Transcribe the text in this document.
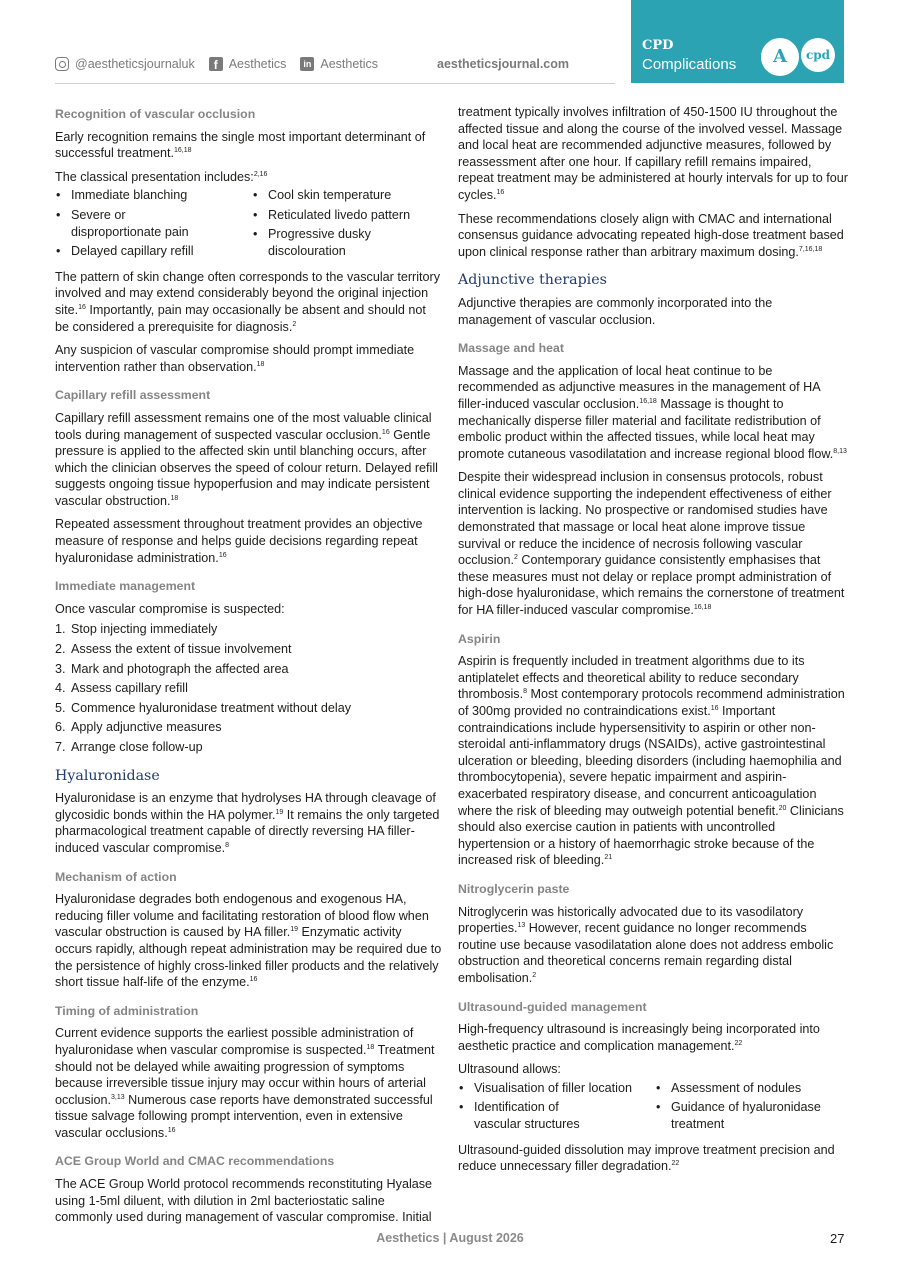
@aestheticsjournaluk	f Aesthetics	in Aesthetics	aestheticsjournal.com
CPD
Complications	A	cpd
Recognition of vascular occlusion

Early recognition remains the single most important determinant of successful treatment.$^{16,18}$

The classical presentation includes:$^{2,16}$

• Immediate blanching	• Cool skin temperature
• Severe or disproportionate pain
• Reticulated livedo pattern
• Delayed capillary refill
• Progressive dusky discolouration

The pattern of skin change often corresponds to the vascular territory involved and may extend considerably beyond the original injection site.$^{16}$ Importantly, pain may occasionally be absent and should not be considered a prerequisite for diagnosis.$^2$

Any suspicion of vascular compromise should prompt immediate intervention rather than observation.$^{18}$

Capillary refill assessment

Capillary refill assessment remains one of the most valuable clinical tools during management of suspected vascular occlusion.$^{16}$ Gentle pressure is applied to the affected skin until blanching occurs, after which the clinician observes the speed of colour return. Delayed refill suggests ongoing tissue hypoperfusion and may indicate persistent vascular obstruction.$^{18}$

Repeated assessment throughout treatment provides an objective measure of response and helps guide decisions regarding repeat hyaluronidase administration.$^{16}$

Immediate management

Once vascular compromise is suspected:

1. Stop injecting immediately
2. Assess the extent of tissue involvement
3. Mark and photograph the affected area
4. Assess capillary refill
5. Commence hyaluronidase treatment without delay
6. Apply adjunctive measures
7. Arrange close follow-up
Hyaluronidase

Hyaluronidase is an enzyme that hydrolyses HA through cleavage of glycosidic bonds within the HA polymer.$^{19}$ It remains the only targeted pharmacological treatment capable of directly reversing HA filler-induced vascular compromise.$^8$

Mechanism of action

Hyaluronidase degrades both endogenous and exogenous HA, reducing filler volume and facilitating restoration of blood flow when vascular obstruction is caused by HA filler.$^{19}$ Enzymatic activity occurs rapidly, although repeat administration may be required due to the persistence of highly cross-linked filler products and the relatively short tissue half-life of the enzyme.$^{16}$

Timing of administration

Current evidence supports the earliest possible administration of hyaluronidase when vascular compromise is suspected.$^{18}$ Treatment should not be delayed while awaiting progression of symptoms because irreversible tissue injury may occur within hours of arterial occlusion.$^{3,13}$ Numerous case reports have demonstrated successful tissue salvage following prompt intervention, even in extensive vascular occlusions.$^{16}$

ACE Group World and CMAC recommendations

The ACE Group World protocol recommends reconstituting Hyalase using 1-5ml diluent, with dilution in 2ml bacteriostatic saline commonly used during management of vascular compromise. Initial

treatment typically involves infiltration of 450-1500 IU throughout the affected tissue and along the course of the involved vessel. Massage and local heat are recommended adjunctive measures, followed by reassessment after one hour. If capillary refill remains impaired, repeat treatment may be administered at hourly intervals for up to four cycles.$^{16}$

These recommendations closely align with CMAC and international consensus guidance advocating repeated high-dose treatment based upon clinical response rather than arbitrary maximum dosing.$^{7,16,18}$

Adjunctive therapies

Adjunctive therapies are commonly incorporated into the management of vascular occlusion.

Massage and heat

Massage and the application of local heat continue to be recommended as adjunctive measures in the management of HA filler-induced vascular occlusion.$^{16,18}$ Massage is thought to mechanically disperse filler material and facilitate redistribution of embolic product within the affected tissues, while local heat may promote cutaneous vasodilatation and increase regional blood flow.$^{8,13}$

Despite their widespread inclusion in consensus protocols, robust clinical evidence supporting the independent effectiveness of either intervention is lacking. No prospective or randomised studies have demonstrated that massage or local heat alone improve tissue survival or reduce the incidence of necrosis following vascular occlusion.$^2$ Contemporary guidance consistently emphasises that these measures must not delay or replace prompt administration of high-dose hyaluronidase, which remains the cornerstone of treatment for HA filler-induced vascular compromise.$^{16,18}$

Aspirin

Aspirin is frequently included in treatment algorithms due to its antiplatelet effects and theoretical ability to reduce secondary thrombosis.$^8$ Most contemporary protocols recommend administration of 300mg provided no contraindications exist.$^{16}$ Important contraindications include hypersensitivity to aspirin or other non-steroidal anti-inflammatory drugs (NSAIDs), active gastrointestinal ulceration or bleeding, bleeding disorders (including haemophilia and thrombocytopenia), severe hepatic impairment and aspirin-exacerbated respiratory disease, and concurrent anticoagulation where the risk of bleeding may outweigh potential benefit.$^{20}$ Clinicians should also exercise caution in patients with uncontrolled hypertension or a history of haemorrhagic stroke because of the increased risk of bleeding.$^{21}$

Nitroglycerin paste

Nitroglycerin was historically advocated due to its vasodilatory properties.$^{13}$ However, recent guidance no longer recommends routine use because vasodilatation alone does not address embolic obstruction and theoretical concerns remain regarding distal embolisation.$^2$

Ultrasound-guided management

High-frequency ultrasound is increasingly being incorporated into aesthetic practice and complication management.$^{22}$

Ultrasound allows:

• Visualisation of filler location	• Assessment of nodules
• Identification of vascular structures
• Guidance of hyaluronidase treatment

Ultrasound-guided dissolution may improve treatment precision and reduce unnecessary filler degradation.$^{22}$

Aesthetics | August 2026	27
